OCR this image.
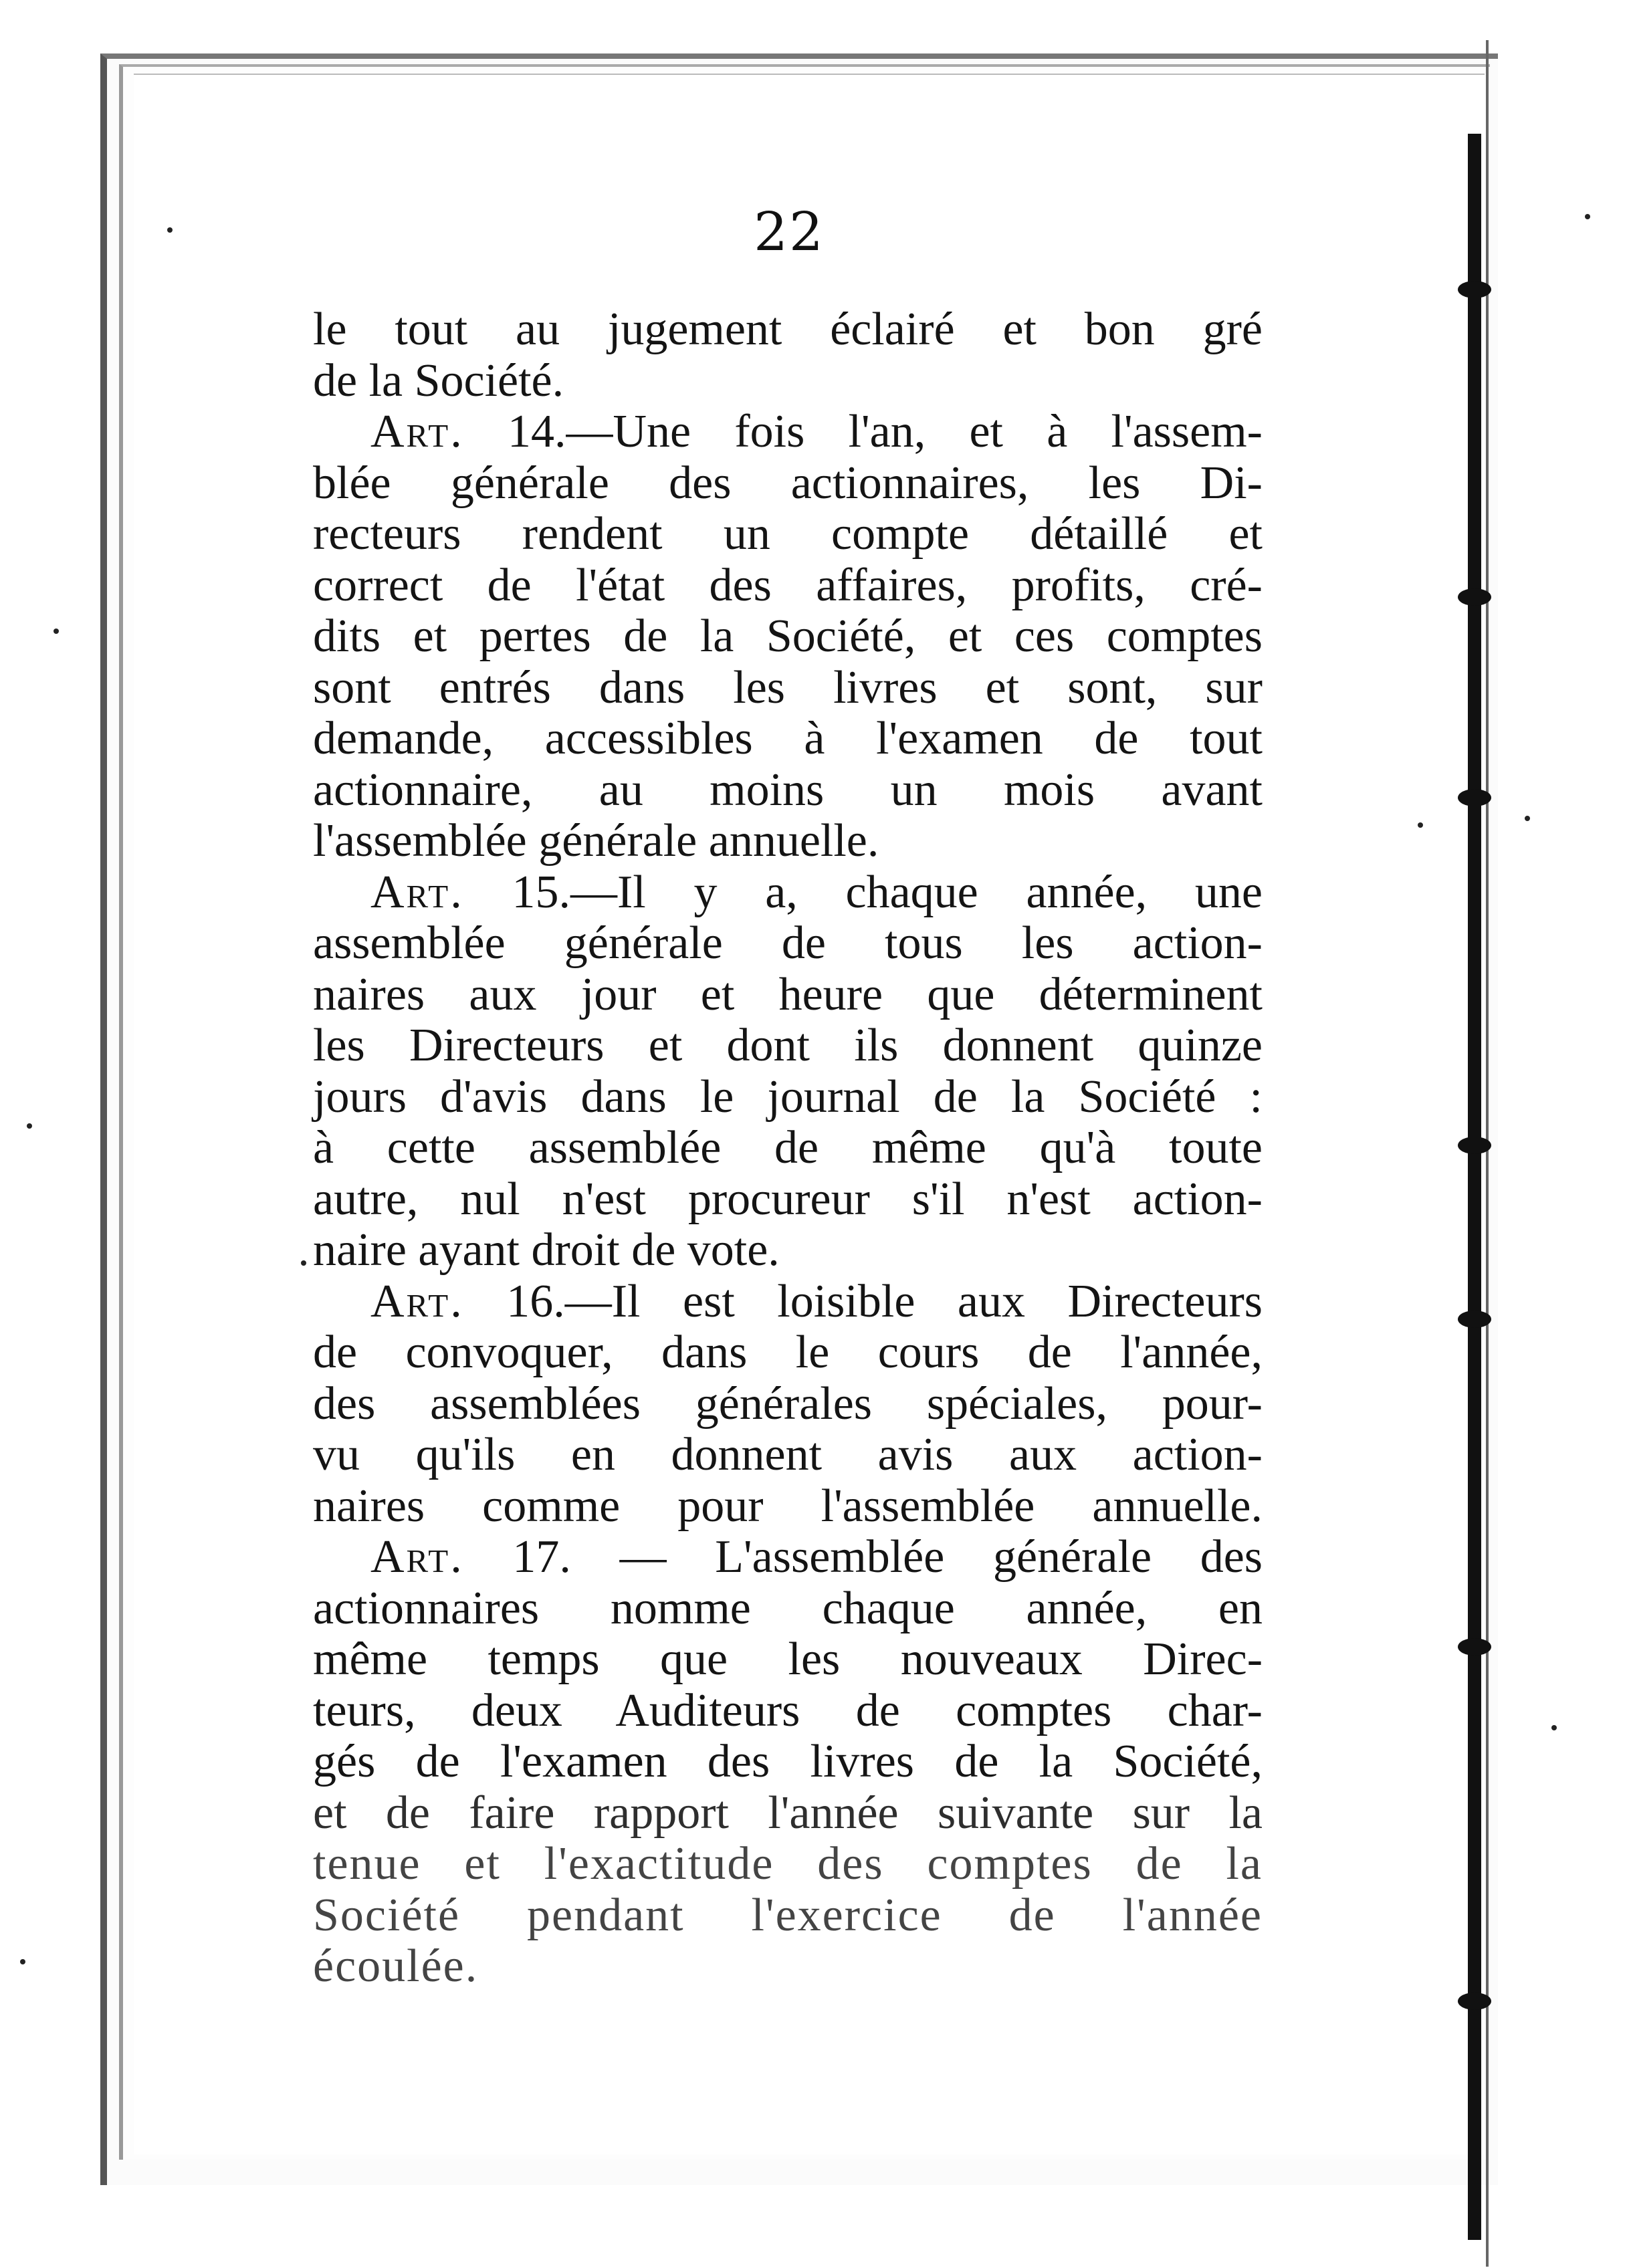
22
le tout au jugement éclairé et bon gré
de la Société.
Art. 14.—Une fois l'an, et à l'assem-
blée générale des actionnaires, les Di-
recteurs rendent un compte détaillé et
correct de l'état des affaires, profits, cré-
dits et pertes de la Société, et ces comptes
sont entrés dans les livres et sont, sur
demande, accessibles à l'examen de tout
actionnaire, au moins un mois avant
l'assemblée générale annuelle.
Art. 15.—Il y a, chaque année, une
assemblée générale de tous les action-
naires aux jour et heure que déterminent
les Directeurs et dont ils donnent quinze
jours d'avis dans le journal de la Société :
à cette assemblée de même qu'à toute
autre, nul n'est procureur s'il n'est action-
naire ayant droit de vote.
Art. 16.—Il est loisible aux Directeurs
de convoquer, dans le cours de l'année,
des assemblées générales spéciales, pour-
vu qu'ils en donnent avis aux action-
naires comme pour l'assemblée annuelle.
Art. 17. — L'assemblée générale des
actionnaires nomme chaque année, en
même temps que les nouveaux Direc-
teurs, deux Auditeurs de comptes char-
gés de l'examen des livres de la Société,
et de faire rapport l'année suivante sur la
tenue et l'exactitude des comptes de la
Société pendant l'exercice de l'année
écoulée.
